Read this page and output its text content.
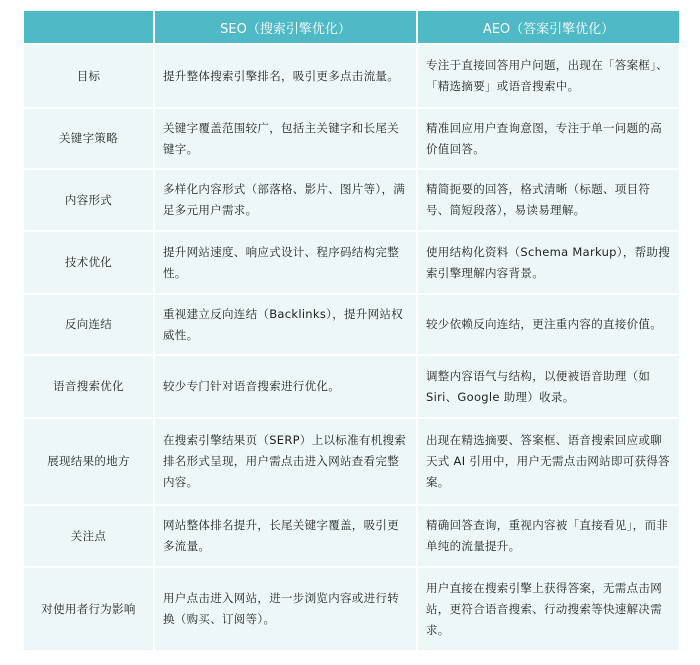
	SEO（搜索引擎优化）	AEO（答案引擎优化）
目标	提升整体搜索引擎排名，吸引更多点击流量。	专注于直接回答用户问题，出现在「答案框」、「精选摘要」或语音搜索中。
关键字策略	关键字覆盖范围较广，包括主关键字和长尾关键字。	精准回应用户查询意图，专注于单一问题的高价值回答。
内容形式	多样化内容形式（部落格、影片、图片等），满足多元用户需求。	精简扼要的回答，格式清晰（标题、项目符号、简短段落），易读易理解。
技术优化	提升网站速度、响应式设计、程序码结构完整性。	使用结构化资料（Schema Markup），帮助搜索引擎理解内容背景。
反向连结	重视建立反向连结（Backlinks），提升网站权威性。	较少依赖反向连结，更注重内容的直接价值。
语音搜索优化	较少专门针对语音搜索进行优化。	调整内容语气与结构，以便被语音助理（如Siri、Google 助理）收录。
展现结果的地方	在搜索引擎结果页（SERP）上以标准有机搜索排名形式呈现，用户需点击进入网站查看完整内容。	出现在精选摘要、答案框、语音搜索回应或聊天式 AI 引用中，用户无需点击网站即可获得答案。
关注点	网站整体排名提升，长尾关键字覆盖，吸引更多流量。	精确回答查询，重视内容被「直接看见」，而非单纯的流量提升。
对使用者行为影响	用户点击进入网站，进一步浏览内容或进行转换（购买、订阅等）。	用户直接在搜索引擎上获得答案，无需点击网站，更符合语音搜索、行动搜索等快速解决需求。
